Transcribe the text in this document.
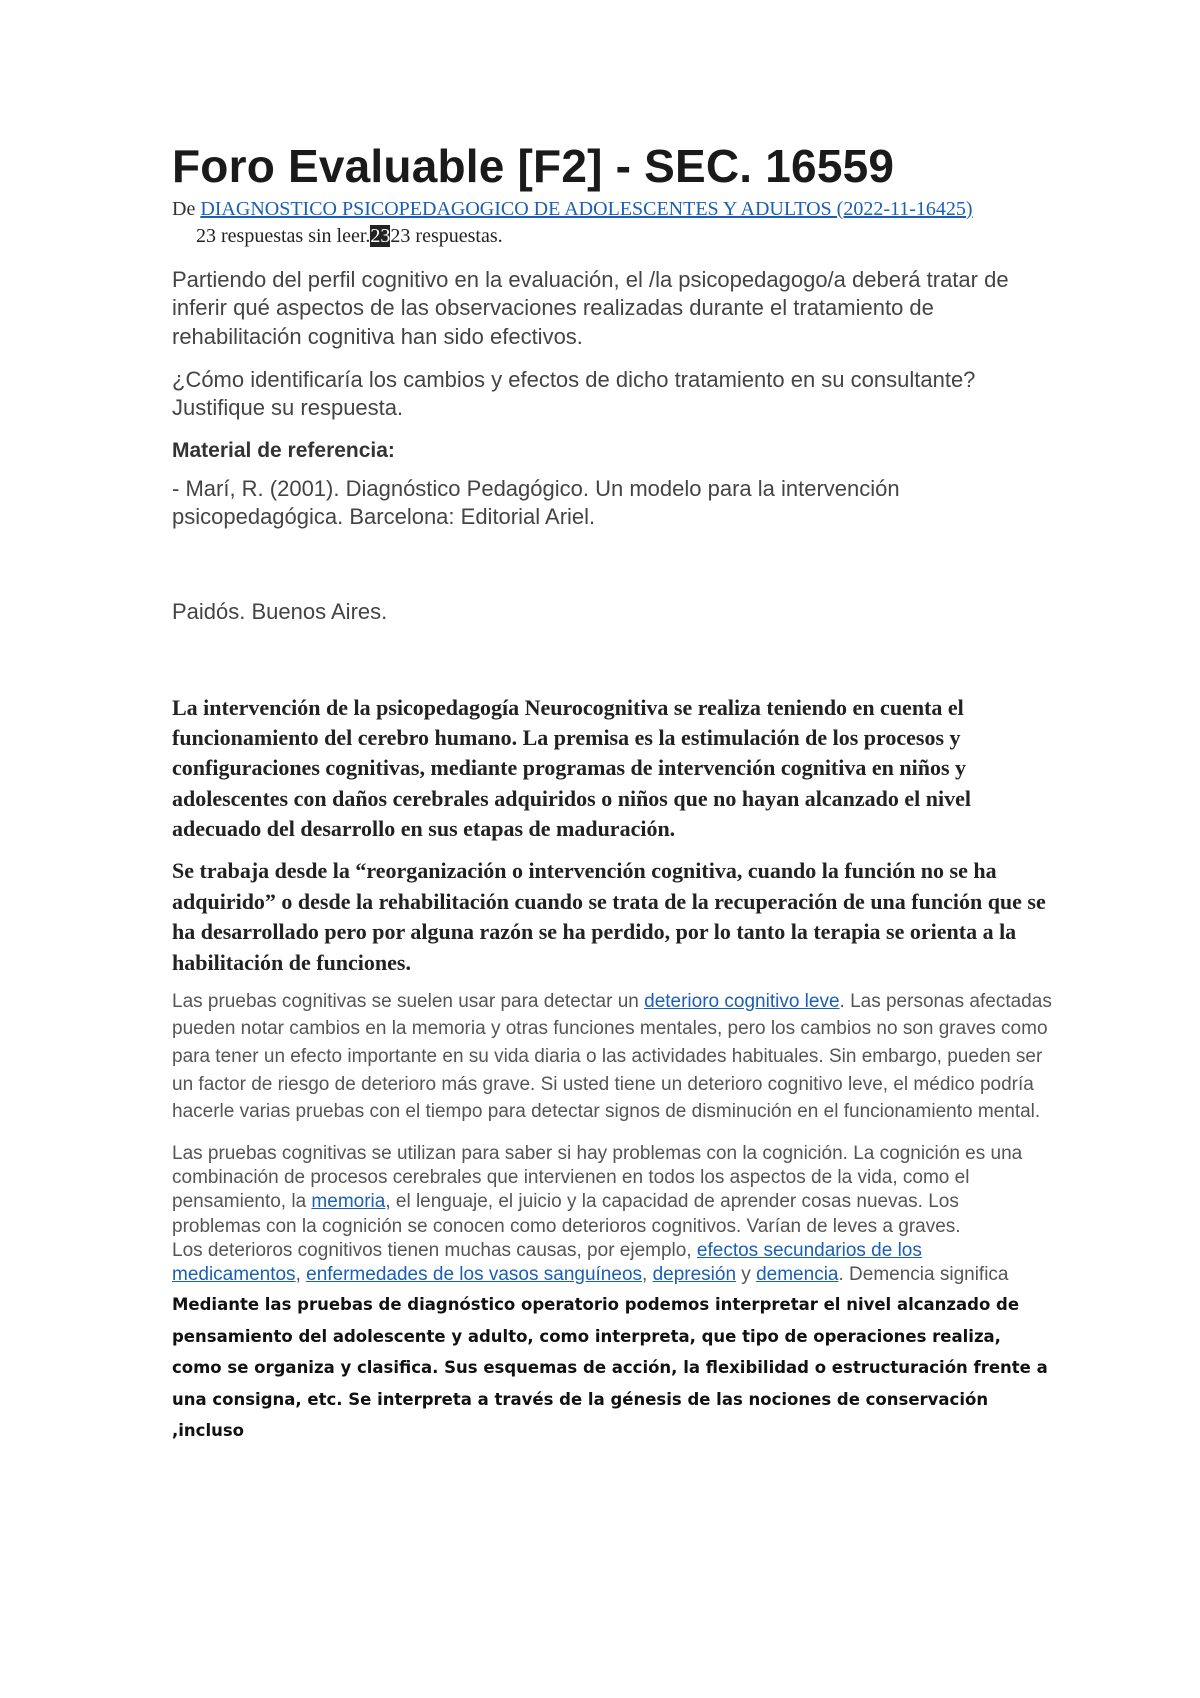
Foro Evaluable [F2] - SEC. 16559
De DIAGNOSTICO PSICOPEDAGOGICO DE ADOLESCENTES Y ADULTOS (2022-11-16425)
23 respuestas sin leer.2323 respuestas.

Partiendo del perfil cognitivo en la evaluación, el /la psicopedagogo/a deberá tratar de inferir qué aspectos de las observaciones realizadas durante el tratamiento de rehabilitación cognitiva han sido efectivos.

¿Cómo identificaría los cambios y efectos de dicho tratamiento en su consultante? Justifique su respuesta.

Material de referencia:

- Marí, R. (2001). Diagnóstico Pedagógico. Un modelo para la intervención psicopedagógica. Barcelona: Editorial Ariel.

Paidós. Buenos Aires.

La intervención de la psicopedagogía Neurocognitiva se realiza teniendo en cuenta el funcionamiento del cerebro humano. La premisa es la estimulación de los procesos y configuraciones cognitivas, mediante programas de intervención cognitiva en niños y adolescentes con daños cerebrales adquiridos o niños que no hayan alcanzado el nivel adecuado del desarrollo en sus etapas de maduración.

Se trabaja desde la “reorganización o intervención cognitiva, cuando la función no se ha adquirido” o desde la rehabilitación cuando se trata de la recuperación de una función que se ha desarrollado pero por alguna razón se ha perdido, por lo tanto la terapia se orienta a la habilitación de funciones.

Las pruebas cognitivas se suelen usar para detectar un deterioro cognitivo leve. Las personas afectadas pueden notar cambios en la memoria y otras funciones mentales, pero los cambios no son graves como para tener un efecto importante en su vida diaria o las actividades habituales. Sin embargo, pueden ser un factor de riesgo de deterioro más grave. Si usted tiene un deterioro cognitivo leve, el médico podría hacerle varias pruebas con el tiempo para detectar signos de disminución en el funcionamiento mental.

Las pruebas cognitivas se utilizan para saber si hay problemas con la cognición. La cognición es una combinación de procesos cerebrales que intervienen en todos los aspectos de la vida, como el pensamiento, la memoria, el lenguaje, el juicio y la capacidad de aprender cosas nuevas. Los problemas con la cognición se conocen como deterioros cognitivos. Varían de leves a graves.

Los deterioros cognitivos tienen muchas causas, por ejemplo, efectos secundarios de los medicamentos, enfermedades de los vasos sanguíneos, depresión y demencia. Demencia significa

Mediante las pruebas de diagnóstico operatorio podemos interpretar el nivel alcanzado de pensamiento del adolescente y adulto, como interpreta, que tipo de operaciones realiza, como se organiza y clasifica. Sus esquemas de acción, la flexibilidad o estructuración frente a una consigna, etc. Se interpreta a través de la génesis de las nociones de conservación ,incluso
